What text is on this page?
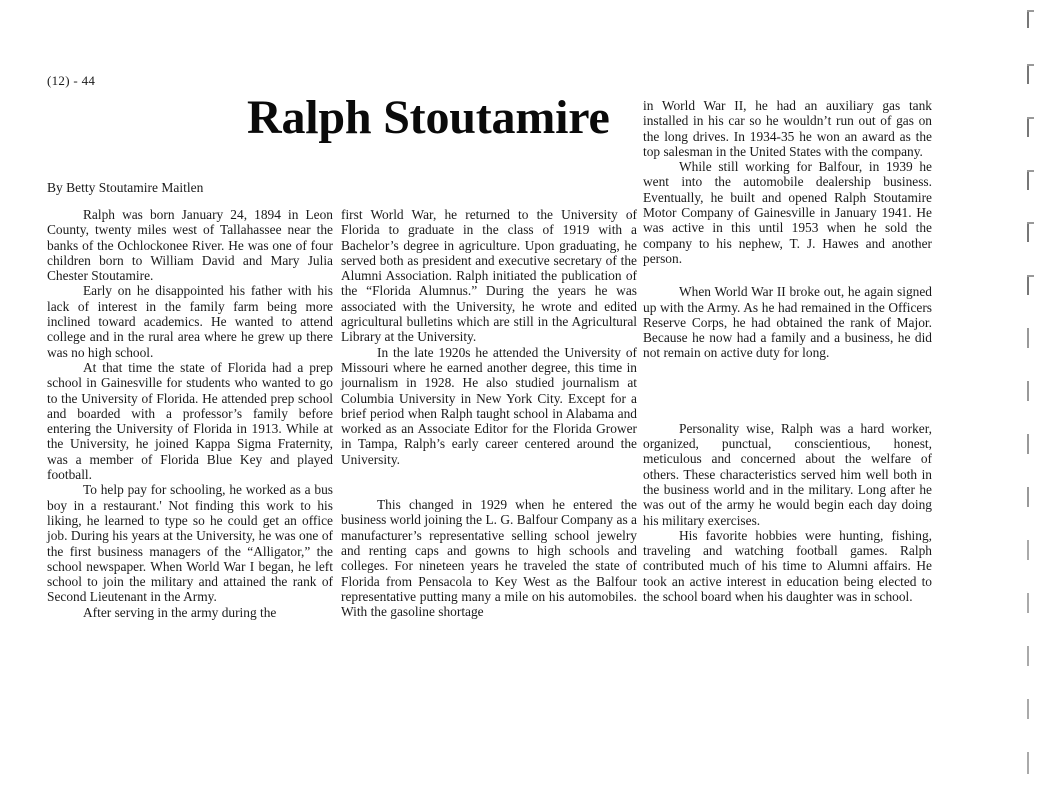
(12) - 44
Ralph Stoutamire
By Betty Stoutamire Maitlen

Ralph was born January 24, 1894 in Leon County, twenty miles west of Tallahassee near the banks of the Ochlockonee River. He was one of four children born to William David and Mary Julia Chester Stoutamire.

Early on he disappointed his father with his lack of interest in the family farm being more inclined toward academics. He wanted to attend college and in the rural area where he grew up there was no high school.

At that time the state of Florida had a prep school in Gainesville for students who wanted to go to the University of Florida. He attended prep school and boarded with a professor’s family before entering the University of Florida in 1913. While at the University, he joined Kappa Sigma Fraternity, was a member of Florida Blue Key and played football.

To help pay for schooling, he worked as a bus boy in a restaurant.' Not finding this work to his liking, he learned to type so he could get an office job. During his years at the University, he was one of the first business managers of the “Alligator,” the school newspaper. When World War I began, he left school to join the military and attained the rank of Second Lieutenant in the Army.

After serving in the army during the

first World War, he returned to the University of Florida to graduate in the class of 1919 with a Bachelor’s degree in agriculture. Upon graduating, he served both as president and executive secretary of the Alumni Association. Ralph initiated the publication of the “Florida Alumnus.” During the years he was associated with the University, he wrote and edited agricultural bulletins which are still in the Agricultural Library at the University.

In the late 1920s he attended the University of Missouri where he earned another degree, this time in journalism in 1928. He also studied journalism at Columbia University in New York City. Except for a brief period when Ralph taught school in Alabama and worked as an Associate Editor for the Florida Grower in Tampa, Ralph’s early career centered around the University.

This changed in 1929 when he entered the business world joining the L. G. Balfour Company as a manufacturer’s representative selling school jewelry and renting caps and gowns to high schools and colleges. For nineteen years he traveled the state of Florida from Pensacola to Key West as the Balfour representative putting many a mile on his automobiles. With the gasoline shortage

in World War II, he had an auxiliary gas tank installed in his car so he wouldn’t run out of gas on the long drives. In 1934-35 he won an award as the top salesman in the United States with the company.

While still working for Balfour, in 1939 he went into the automobile dealership business. Eventually, he built and opened Ralph Stoutamire Motor Company of Gainesville in January 1941. He was active in this until 1953 when he sold the company to his nephew, T. J. Hawes and another person.

When World War II broke out, he again signed up with the Army. As he had remained in the Officers Reserve Corps, he had obtained the rank of Major. Because he now had a family and a business, he did not remain on active duty for long.

Personality wise, Ralph was a hard worker, organized, punctual, conscientious, honest, meticulous and concerned about the welfare of others. These characteristics served him well both in the business world and in the military. Long after he was out of the army he would begin each day doing his military exercises.

His favorite hobbies were hunting, fishing, traveling and watching football games. Ralph contributed much of his time to Alumni affairs. He took an active interest in education being elected to the school board when his daughter was in school.
